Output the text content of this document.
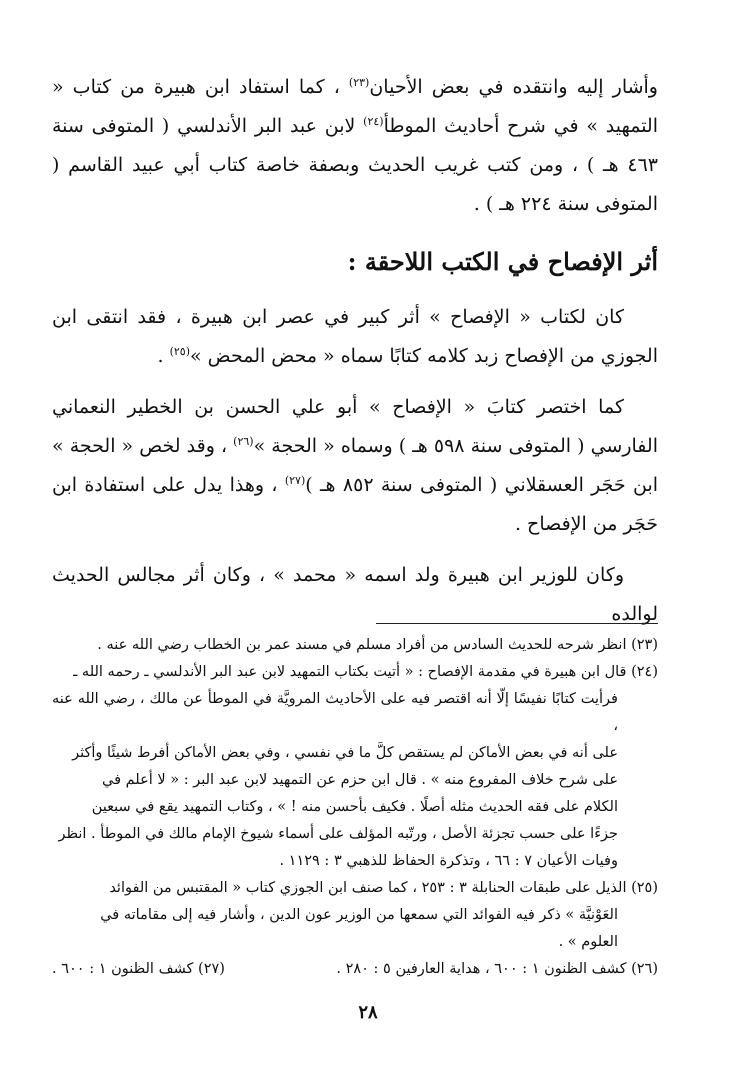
وأشار إليه وانتقده في بعض الأحيان$^{(٢٣)}$ ، كما استفاد ابن هبيرة من كتاب « التمهيد » في شرح أحاديث الموطأ$^{(٢٤)}$ لابن عبد البر الأندلسي ( المتوفى سنة ٤٦٣ هـ ) ، ومن كتب غريب الحديث وبصفة خاصة كتاب أبي عبيد القاسم ( المتوفى سنة ٢٢٤ هـ ) .

أثر الإفصاح في الكتب اللاحقة :

كان لكتاب « الإفصاح » أثر كبير في عصر ابن هبيرة ، فقد انتقى ابن الجوزي من الإفصاح زبد كلامه كتابًا سماه « محض المحض »$^{(٢٥)}$ .

كما اختصر كتابَ « الإفصاح » أبو علي الحسن بن الخطير النعماني الفارسي ( المتوفى سنة ٥٩٨ هـ ) وسماه « الحجة »$^{(٢٦)}$ ، وقد لخص « الحجة » ابن حَجَر العسقلاني ( المتوفى سنة ٨٥٢ هـ )$^{(٢٧)}$ ، وهذا يدل على استفادة ابن حَجَر من الإفصاح .

وكان للوزير ابن هبيرة ولد اسمه « محمد » ، وكان أثر مجالس الحديث لوالده

(٢٣) انظر شرحه للحديث السادس من أفراد مسلم في مسند عمر بن الخطاب رضي الله عنه .

(٢٤) قال ابن هبيرة في مقدمة الإفصاح : « أتيت بكتاب التمهيد لابن عبد البر الأندلسي ـ رحمه الله ـ

فرأيت كتابًا نفيسًا إلّا أنه اقتصر فيه على الأحاديث المرويَّة في الموطأ عن مالك ، رضي الله عنه ،

على أنه في بعض الأماكن لم يستقص كلَّ ما في نفسي ، وفي بعض الأماكن أفرط شيئًا وأكثر

على شرح خلاف المفروع منه » . قال ابن حزم عن التمهيد لابن عبد البر : « لا أعلم في

الكلام على فقه الحديث مثله أصلًا . فكيف بأحسن منه ! » ، وكتاب التمهيد يقع في سبعين

جزءًا على حسب تجزئة الأصل ، ورتّبه المؤلف على أسماء شيوخ الإمام مالك في الموطأ . انظر

وفيات الأعيان ٧ : ٦٦ ، وتذكرة الحفاظ للذهبي ٣ : ١١٢٩ .

(٢٥) الذيل على طبقات الحنابلة ٣ : ٢٥٣ ، كما صنف ابن الجوزي كتاب « المقتبس من الفوائد

العَوْنيَّة » ذكر فيه الفوائد التي سمعها من الوزير عون الدين ، وأشار فيه إلى مقاماته في

العلوم » .

(٢٦) كشف الظنون ١ : ٦٠٠ ، هداية العارفين ٥ : ٢٨٠ .
(٢٧) كشف الظنون ١ : ٦٠٠ .
٢٨
